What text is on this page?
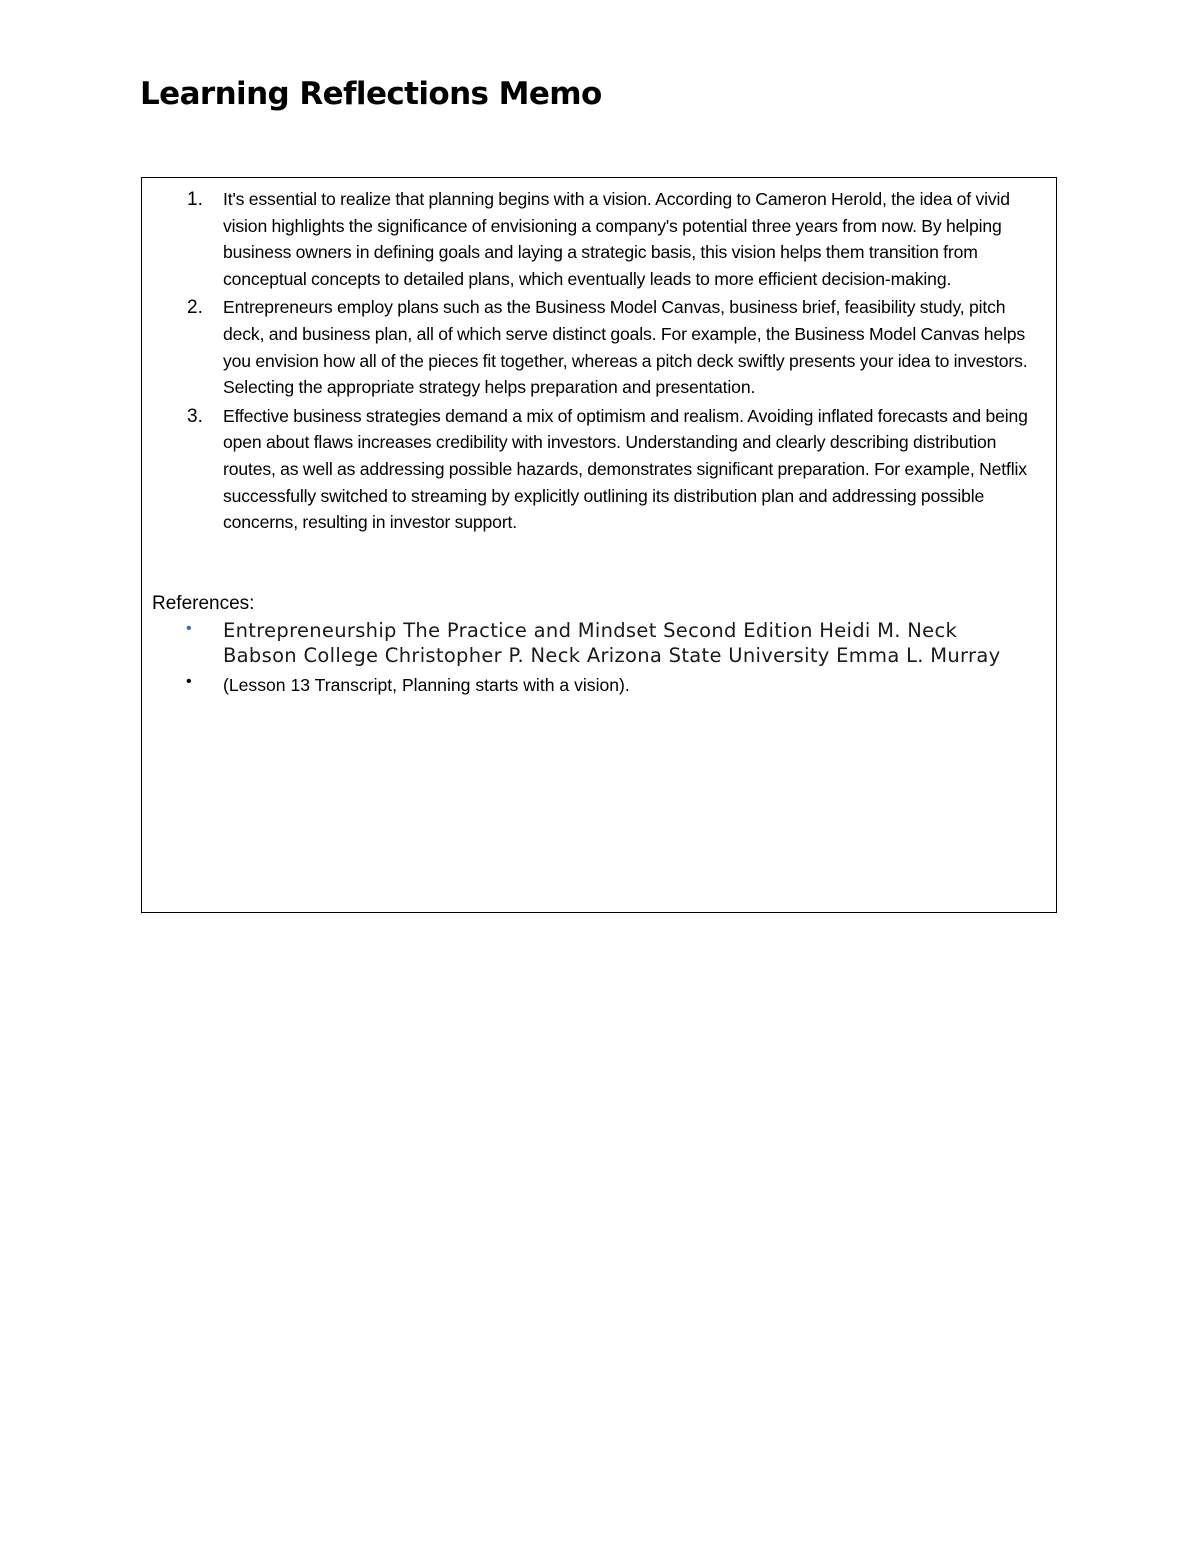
Learning Reflections Memo
1. It's essential to realize that planning begins with a vision. According to Cameron Herold, the idea of vivid vision highlights the significance of envisioning a company's potential three years from now. By helping business owners in defining goals and laying a strategic basis, this vision helps them transition from conceptual concepts to detailed plans, which eventually leads to more efficient decision-making.
2. Entrepreneurs employ plans such as the Business Model Canvas, business brief, feasibility study, pitch deck, and business plan, all of which serve distinct goals. For example, the Business Model Canvas helps you envision how all of the pieces fit together, whereas a pitch deck swiftly presents your idea to investors. Selecting the appropriate strategy helps preparation and presentation.
3. Effective business strategies demand a mix of optimism and realism. Avoiding inflated forecasts and being open about flaws increases credibility with investors. Understanding and clearly describing distribution routes, as well as addressing possible hazards, demonstrates significant preparation. For example, Netflix successfully switched to streaming by explicitly outlining its distribution plan and addressing possible concerns, resulting in investor support.

References:

• Entrepreneurship The Practice and Mindset Second Edition Heidi M. Neck Babson College Christopher P. Neck Arizona State University Emma L. Murray
• (Lesson 13 Transcript, Planning starts with a vision).
